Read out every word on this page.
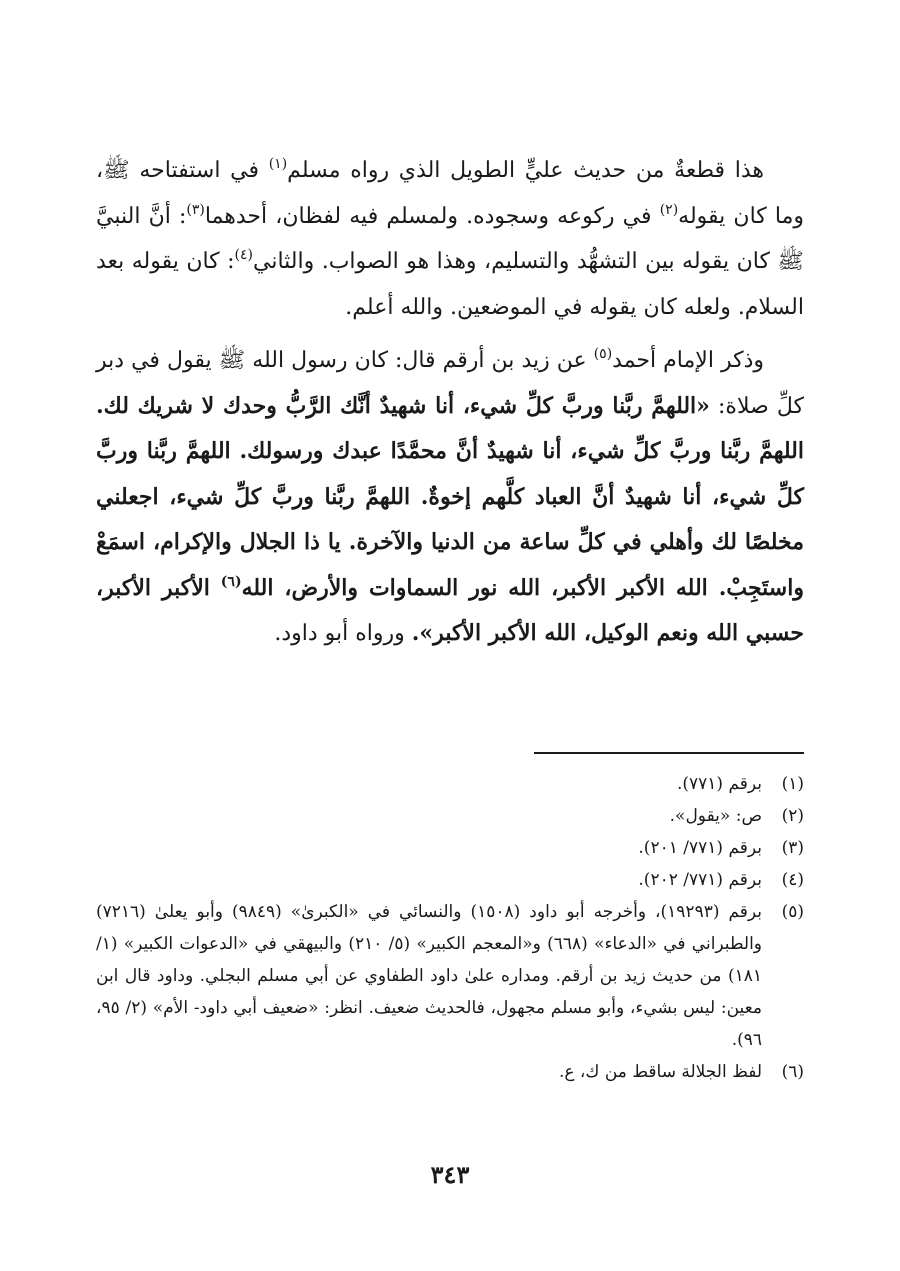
هذا قطعةٌ من حديث عليٍّ الطويل الذي رواه مسلم$^{(١)}$ في استفتاحه ﷺ، وما كان يقوله$^{(٢)}$ في ركوعه وسجوده. ولمسلم فيه لفظان، أحدهما$^{(٣)}$: أنَّ النبيَّ ﷺ كان يقوله بين التشهُّد والتسليم، وهذا هو الصواب. والثاني$^{(٤)}$: كان يقوله بعد السلام. ولعله كان يقوله في الموضعين. والله أعلم.

وذكر الإمام أحمد$^{(٥)}$ عن زيد بن أرقم قال: كان رسول الله ﷺ يقول في دبر كلِّ صلاة: «اللهمَّ ربَّنا وربَّ كلِّ شيء، أنا شهيدٌ أنَّك الرَّبُّ وحدك لا شريك لك. اللهمَّ ربَّنا وربَّ كلِّ شيء، أنا شهيدٌ أنَّ محمَّدًا عبدك ورسولك. اللهمَّ ربَّنا وربَّ كلِّ شيء، أنا شهيدٌ أنَّ العباد كلَّهم إخوةٌ. اللهمَّ ربَّنا وربَّ كلِّ شيء، اجعلني مخلصًا لك وأهلي في كلِّ ساعة من الدنيا والآخرة. يا ذا الجلال والإكرام، اسمَعْ واستَجِبْ. الله الأكبر الأكبر، الله نور السماوات والأرض، الله$^{(٦)}$ الأكبر الأكبر، حسبي الله ونعم الوكيل، الله الأكبر الأكبر». ورواه أبو داود.

(١)
برقم (٧٧١).
(٢)
ص: «يقول».
(٣)
برقم (٧٧١/ ٢٠١).
(٤)
برقم (٧٧١/ ٢٠٢).
(٥)
برقم (١٩٢٩٣)، وأخرجه أبو داود (١٥٠٨) والنسائي في «الكبرىٰ» (٩٨٤٩) وأبو يعلىٰ (٧٢١٦) والطبراني في «الدعاء» (٦٦٨) و«المعجم الكبير» (٥/ ٢١٠) والبيهقي في «الدعوات الكبير» (١/ ١٨١) من حديث زيد بن أرقم. ومداره علىٰ داود الطفاوي عن أبي مسلم البجلي. وداود قال ابن معين: ليس بشيء، وأبو مسلم مجهول، فالحديث ضعيف. انظر: «ضعيف أبي داود- الأم» (٢/ ٩٥، ٩٦).
(٦)
لفظ الجلالة ساقط من ك، ع.
٣٤٣
